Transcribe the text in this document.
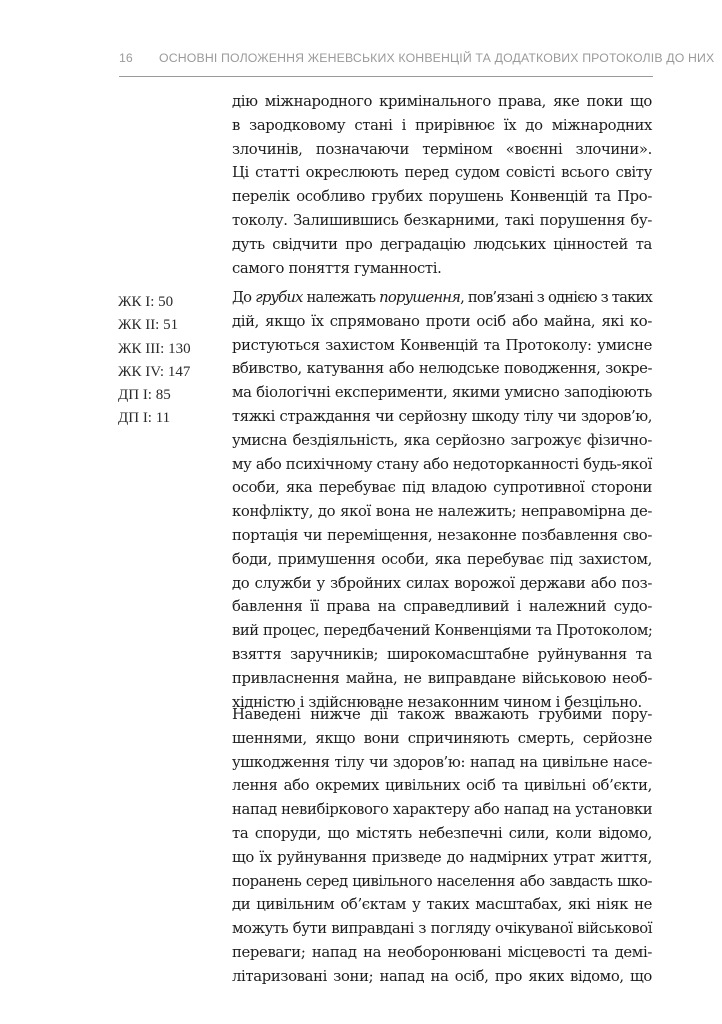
16 ОСНОВНІ ПОЛОЖЕННЯ ЖЕНЕВСЬКИХ КОНВЕНЦІЙ ТА ДОДАТКОВИХ ПРОТОКОЛІВ ДО НИХ
ЖК I: 50
ЖК II: 51
ЖК III: 130
ЖК IV: 147
ДП I: 85
ДП I: 11
дію міжнародного кримінального права, яке поки що
в зародковому стані і прирівнює їх до міжнародних
злочинів, позначаючи терміном «воєнні злочини».
Ці статті окреслюють перед судом совісті всього світу
перелік особливо грубих порушень Конвенцій та Про-
токолу. Залишившись безкарними, такі порушення бу-
дуть свідчити про деградацію людських цінностей та
самого поняття гуманності.
До грубих належать порушення, пов’язані з однією з таких
дій, якщо їх спрямовано проти осіб або майна, які ко-
ристуються захистом Конвенцій та Протоколу: умисне
вбивство, катування або нелюдське поводження, зокре-
ма біологічні експерименти, якими умисно заподіюють
тяжкі страждання чи серйозну шкоду тілу чи здоров’ю,
умисна бездіяльність, яка серйозно загрожує фізично-
му або психічному стану або недоторканності будь-якої
особи, яка перебуває під владою супротивної сторони
конфлікту, до якої вона не належить; неправомірна де-
портація чи переміщення, незаконне позбавлення сво-
боди, примушення особи, яка перебуває під захистом,
до служби у збройних силах ворожої держави або поз-
бавлення її права на справедливий і належний судо-
вий процес, передбачений Конвенціями та Протоколом;
взяття заручників; широкомасштабне руйнування та
привласнення майна, не виправдане військовою необ-
хідністю і здійснюване незаконним чином і безцільно.
Наведені нижче дії також вважають грубими пору-
шеннями, якщо вони спричиняють смерть, серйозне
ушкодження тілу чи здоров’ю: напад на цивільне насе-
лення або окремих цивільних осіб та цивільні об’єкти,
напад невибіркового характеру або напад на установки
та споруди, що містять небезпечні сили, коли відомо,
що їх руйнування призведе до надмірних утрат життя,
поранень серед цивільного населення або завдасть шко-
ди цивільним об’єктам у таких масштабах, які ніяк не
можуть бути виправдані з погляду очікуваної військової
переваги; напад на необоронювані місцевості та демі-
літаризовані зони; напад на осіб, про яких відомо, що
